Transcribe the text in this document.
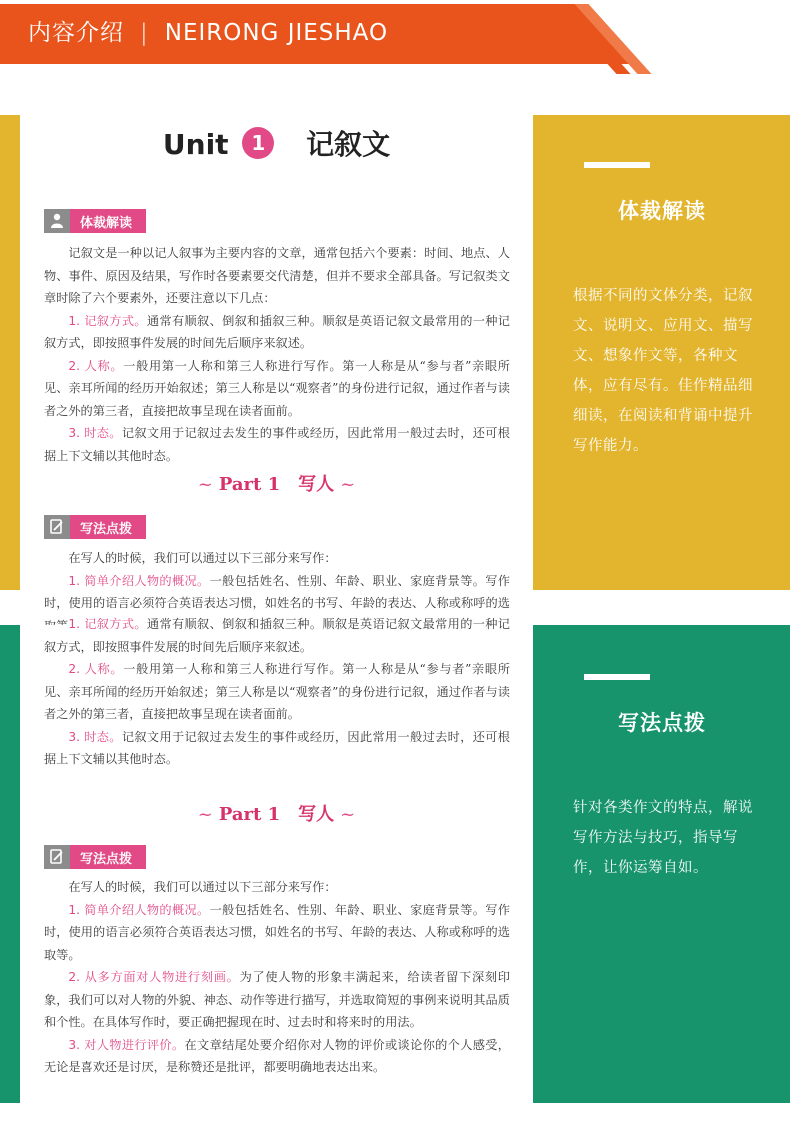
内容介绍 | NEIRONG JIESHAO
Unit 1 记叙文
体裁解读

记叙文是一种以记人叙事为主要内容的文章，通常包括六个要素：时间、地点、人物、事件、原因及结果，写作时各要素要交代清楚，但并不要求全部具备。写记叙类文章时除了六个要素外，还要注意以下几点：

1. 记叙方式。通常有顺叙、倒叙和插叙三种。顺叙是英语记叙文最常用的一种记叙方式，即按照事件发展的时间先后顺序来叙述。

2. 人称。一般用第一人称和第三人称进行写作。第一人称是从“参与者”亲眼所见、亲耳所闻的经历开始叙述；第三人称是以“观察者”的身份进行记叙，通过作者与读者之外的第三者，直接把故事呈现在读者面前。

3. 时态。记叙文用于记叙过去发生的事件或经历，因此常用一般过去时，还可根据上下文辅以其他时态。

~ Part 1 写人 ~
写法点拨

在写人的时候，我们可以通过以下三部分来写作：

1. 简单介绍人物的概况。一般包括姓名、性别、年龄、职业、家庭背景等。写作时，使用的语言必须符合英语表达习惯，如姓名的书写、年龄的表达、人称或称呼的选

体裁解读
根据不同的文体分类，记叙文、说明文、应用文、描写文、想象作文等，各种文体，应有尽有。佳作精品细细读，在阅读和背诵中提升写作能力。

1. 记叙方式。通常有顺叙、倒叙和插叙三种。顺叙是英语记叙文最常用的一种记叙方式，即按照事件发展的时间先后顺序来叙述。

2. 人称。一般用第一人称和第三人称进行写作。第一人称是从“参与者”亲眼所见、亲耳所闻的经历开始叙述；第三人称是以“观察者”的身份进行记叙，通过作者与读者之外的第三者，直接把故事呈现在读者面前。

3. 时态。记叙文用于记叙过去发生的事件或经历，因此常用一般过去时，还可根据上下文辅以其他时态。

~ Part 1 写人 ~
写法点拨

在写人的时候，我们可以通过以下三部分来写作：

1. 简单介绍人物的概况。一般包括姓名、性别、年龄、职业、家庭背景等。写作时，使用的语言必须符合英语表达习惯，如姓名的书写、年龄的表达、人称或称呼的选取等。

2. 从多方面对人物进行刻画。为了使人物的形象丰满起来，给读者留下深刻印象，我们可以对人物的外貌、神态、动作等进行描写，并选取简短的事例来说明其品质和个性。在具体写作时，要正确把握现在时、过去时和将来时的用法。

3. 对人物进行评价。在文章结尾处要介绍你对人物的评价或谈论你的个人感受，无论是喜欢还是讨厌，是称赞还是批评，都要明确地表达出来。

写法点拨
针对各类作文的特点，解说写作方法与技巧，指导写作，让你运筹自如。
